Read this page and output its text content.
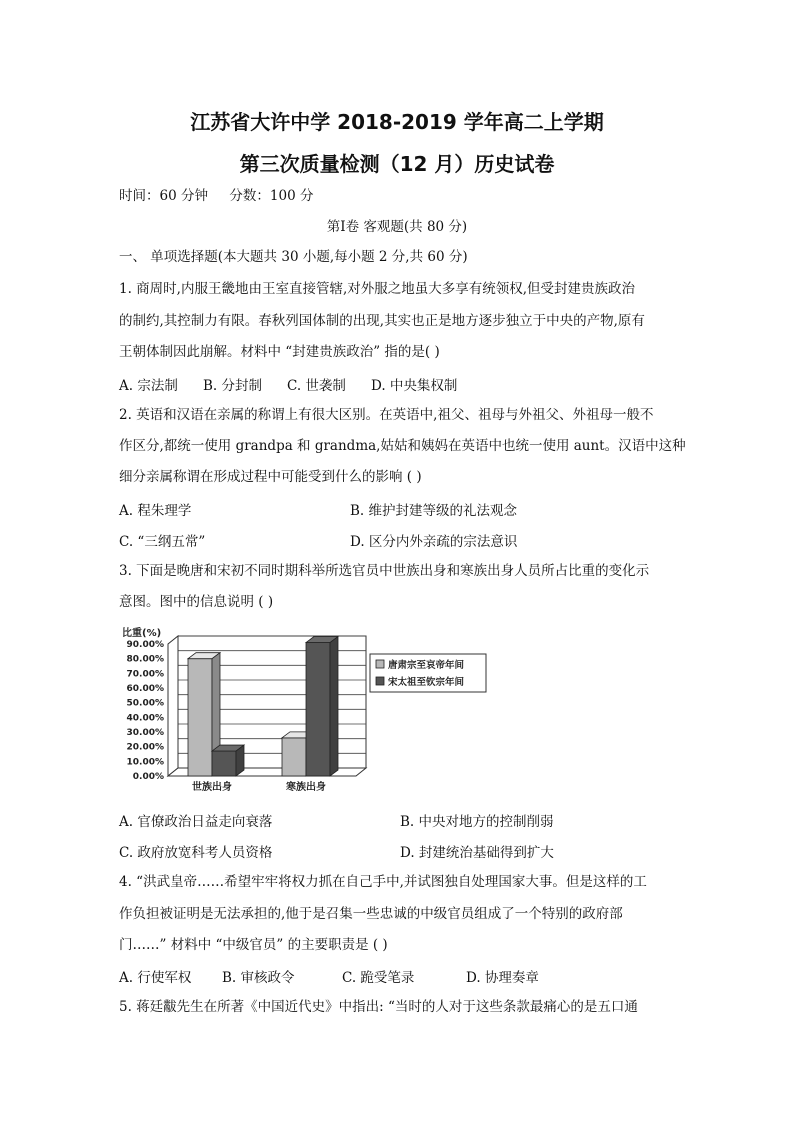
江苏省大许中学 2018-2019 学年高二上学期
第三次质量检测（12 月）历史试卷
时间：60 分钟     分数：100 分
第Ⅰ卷 客观题(共 80 分)
一、 单项选择题(本大题共 30 小题,每小题 2 分,共 60 分)
1. 商周时,内服王畿地由王室直接管辖,对外服之地虽大多享有统领权,但受封建贵族政治
的制约,其控制力有限。春秋列国体制的出现,其实也正是地方逐步独立于中央的产物,原有
王朝体制因此崩解。材料中 “封建贵族政治” 指的是( )
A. 宗法制 B. 分封制 C. 世袭制 D. 中央集权制
2. 英语和汉语在亲属的称谓上有很大区别。在英语中,祖父、祖母与外祖父、外祖母一般不
作区分,都统一使用 grandpa 和 grandma,姑姑和姨妈在英语中也统一使用 aunt。汉语中这种
细分亲属称谓在形成过程中可能受到什么的影响 ( )
A. 程朱理学	B. 维护封建等级的礼法观念
C. “三纲五常”	D. 区分内外亲疏的宗法意识
3. 下面是晚唐和宋初不同时期科举所选官员中世族出身和寒族出身人员所占比重的变化示
意图。图中的信息说明 ( )
比重(%)
0.00%
10.00%
20.00%
30.00%
40.00%
50.00%
60.00%
70.00%
80.00%
90.00%
世族出身	寒族出身
唐肃宗至哀帝年间
宋太祖至钦宗年间
A. 官僚政治日益走向衰落	B. 中央对地方的控制削弱
C. 政府放宽科考人员资格	D. 封建统治基础得到扩大
4. “洪武皇帝……希望牢牢将权力抓在自己手中,并试图独自处理国家大事。但是这样的工
作负担被证明是无法承担的,他于是召集一些忠诚的中级官员组成了一个特别的政府部
门……” 材料中 “中级官员” 的主要职责是 ( )
A. 行使军权 B. 审核政令	C. 跪受笔录	D. 协理奏章
5. 蒋廷黻先生在所著《中国近代史》中指出: “当时的人对于这些条款最痛心的是五口通
